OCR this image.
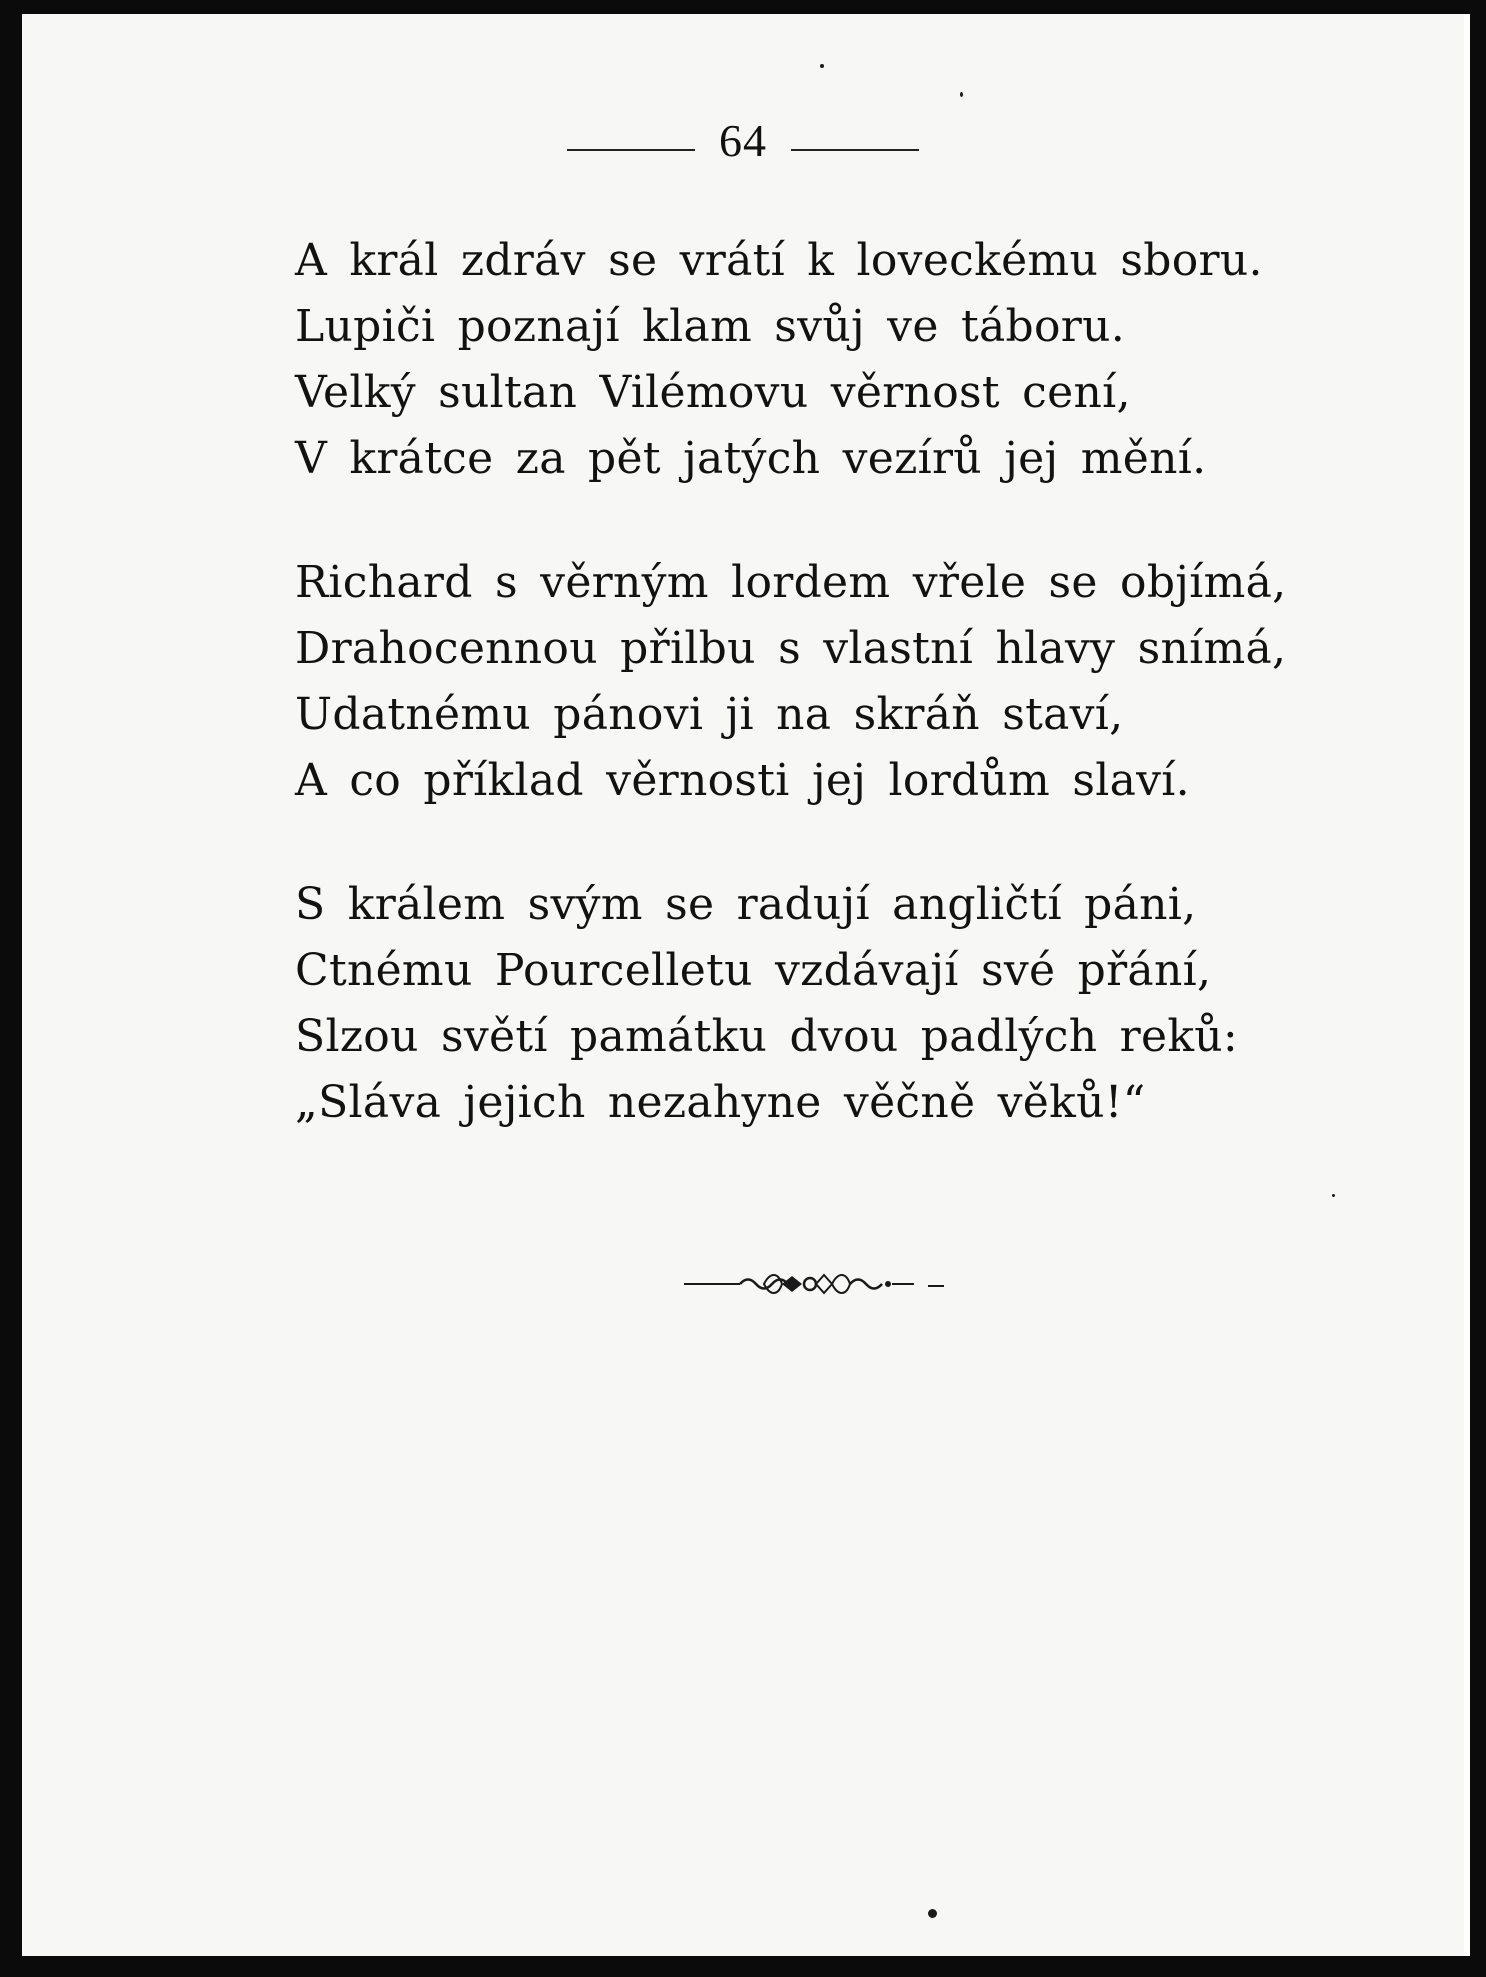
64
A král zdráv se vrátí k loveckému sboru.
Lupiči poznají klam svůj ve táboru.
Velký sultan Vilémovu věrnost cení,
V krátce za pět jatých vezírů jej mění.
Richard s věrným lordem vřele se objímá,
Drahocennou přilbu s vlastní hlavy snímá,
Udatnému pánovi ji na skráň staví,
A co příklad věrnosti jej lordům slaví.
S králem svým se radují angličtí páni,
Ctnému Pourcelletu vzdávají své přání,
Slzou světí památku dvou padlých reků:
„Sláva jejich nezahyne věčně věků!“
